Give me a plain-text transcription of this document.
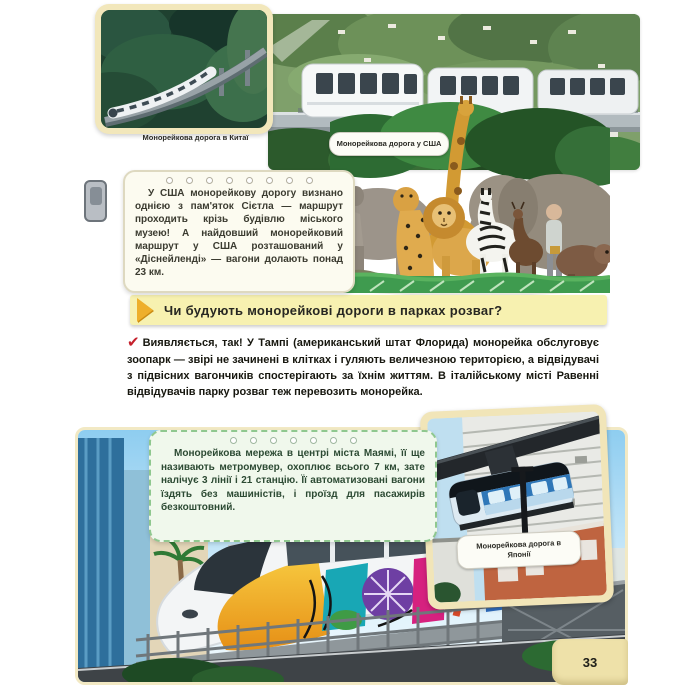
Монорейкова дорога в Китаї
Монорейкова дорога у США
У США монорейкову дорогу визнано однією з пам'яток Сієтла — маршрут проходить крізь будівлю міського музею! А найдовший монорейковий маршрут у США розташований у «Діснейленді» — вагони долають понад 23 км.
Чи будують монорейкові дороги в парках розваг?
✔ Виявляється, так! У Тампі (американський штат Флорида) монорейка обслуговує зоопарк — звірі не зачинені в клітках і гуляють величезною територією, а відвідувачі з підвісних вагончиків спостерігають за їхнім життям. В італійському місті Равенні відвідувачів парку розваг теж перевозить монорейка.
Монорейкова дорога в Японії
Монорейкова мережа в центрі міста Маямі, її ще називають метромувер, охоплює всього 7 км, зате налічує 3 лінії і 21 станцію. Її автоматизовані вагони їздять без машиністів, і проїзд для пасажирів безкоштовний.
33
